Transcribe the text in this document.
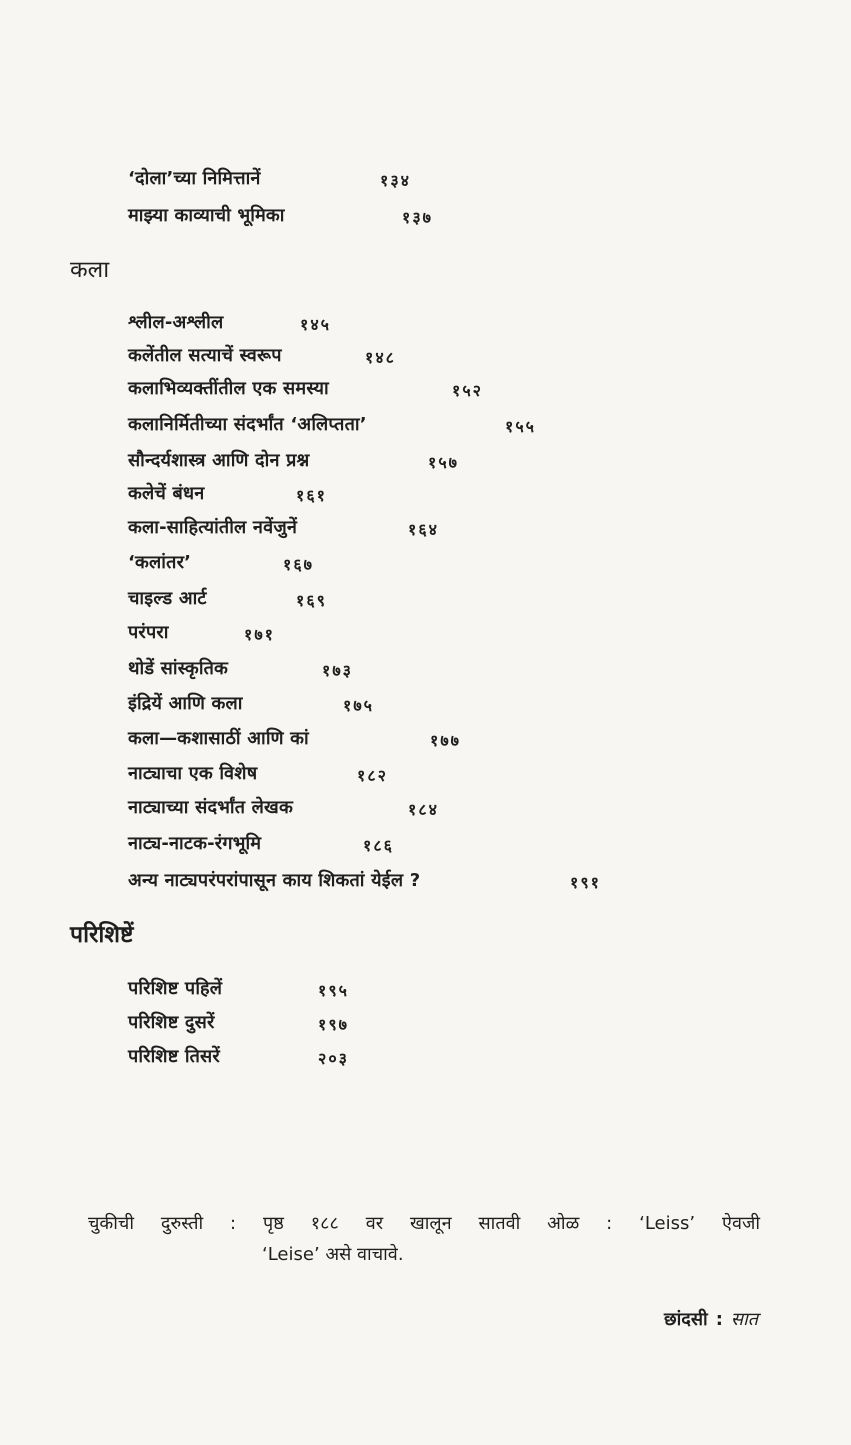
‘दोला’च्या निमित्तानें	१३४
माझ्या काव्याची भूमिका	१३७
कला
श्लील-अश्लील	१४५
कलेंतील सत्याचें स्वरूप	१४८
कलाभिव्यक्तींतील एक समस्या	१५२
कलानिर्मितीच्या संदर्भांत ‘अलिप्तता’	१५५
सौन्दर्यशास्त्र आणि दोन प्रश्न	१५७
कलेचें बंधन	१६१
कला-साहित्यांतील नवेंजुनें	१६४
‘कलांतर’	१६७
चाइल्ड आर्ट	१६९
परंपरा	१७१
थोडें सांस्कृतिक	१७३
इंद्रियें आणि कला	१७५
कला—कशासाठीं आणि कां	१७७
नाट्याचा एक विशेष	१८२
नाट्याच्या संदर्भांत लेखक	१८४
नाट्य-नाटक-रंगभूमि	१८६
अन्य नाट्यपरंपरांपासून काय शिकतां येईल ?	१९१
परिशिष्टें
परिशिष्ट पहिलें	१९५
परिशिष्ट दुसरें	१९७
परिशिष्ट तिसरें	२०३
चुकीची दुरुस्ती : पृष्ठ १८८ वर खालून सातवी ओळ : ‘Leiss’ ऐवजी
‘Leise’ असे वाचावे.
छांदसी : सात
